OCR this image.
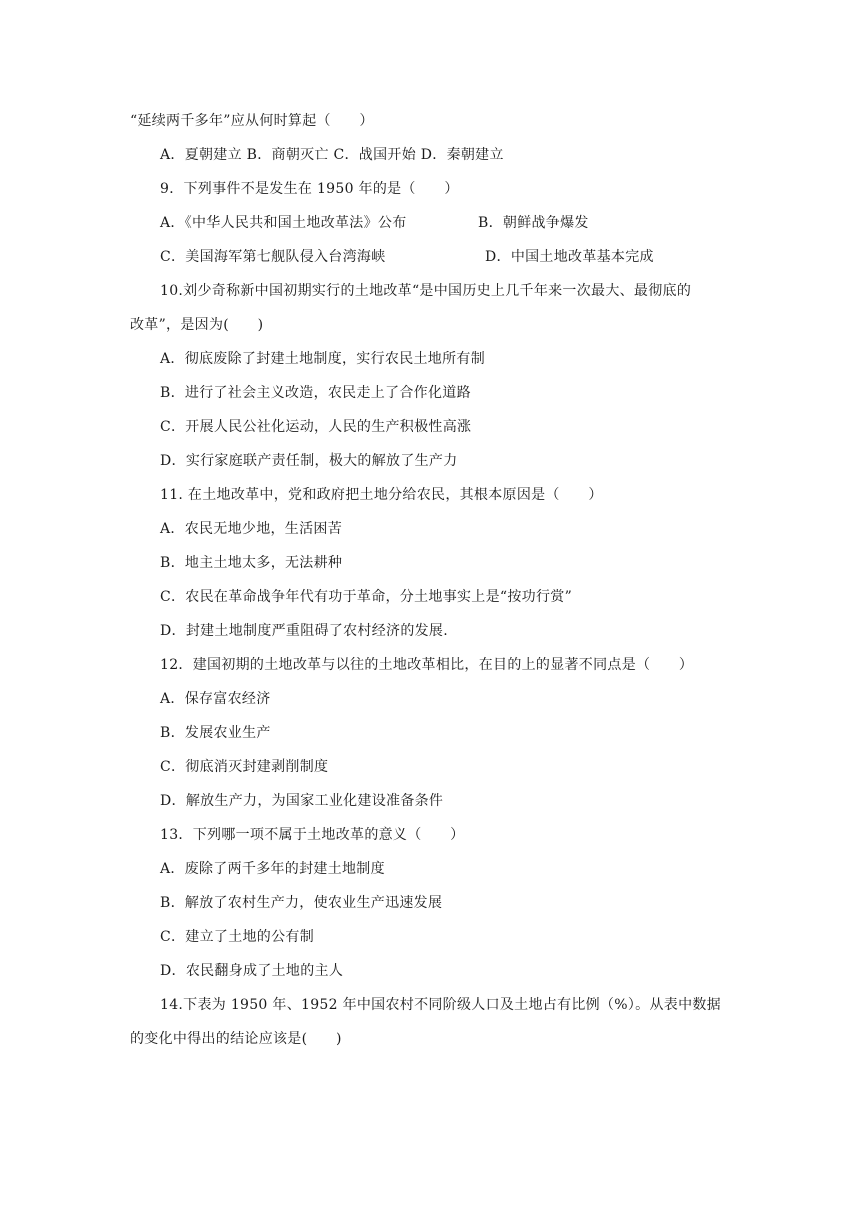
“延续两千多年”应从何时算起（　　）
A．夏朝建立 B．商朝灭亡 C．战国开始 D．秦朝建立
9．下列事件不是发生在 1950 年的是（　　）
A．《中华人民共和国土地改革法》公布	B．朝鲜战争爆发
C．美国海军第七舰队侵入台湾海峡	D．中国土地改革基本完成
10.刘少奇称新中国初期实行的土地改革“是中国历史上几千年来一次最大、最彻底的
改革”，是因为(　　)
A．彻底废除了封建土地制度，实行农民土地所有制
B．进行了社会主义改造，农民走上了合作化道路
C．开展人民公社化运动，人民的生产积极性高涨
D．实行家庭联产责任制，极大的解放了生产力
11. 在土地改革中，党和政府把土地分给农民，其根本原因是（　　）
A．农民无地少地，生活困苦
B．地主土地太多，无法耕种
C．农民在革命战争年代有功于革命，分土地事实上是“按功行赏”
D．封建土地制度严重阻碍了农村经济的发展.
12．建国初期的土地改革与以往的土地改革相比，在目的上的显著不同点是（　　）
A．保存富农经济
B．发展农业生产
C．彻底消灭封建剥削制度
D．解放生产力，为国家工业化建设准备条件
13．下列哪一项不属于土地改革的意义（　　）
A．废除了两千多年的封建土地制度
B．解放了农村生产力，使农业生产迅速发展
C．建立了土地的公有制
D．农民翻身成了土地的主人
14.下表为 1950 年、1952 年中国农村不同阶级人口及土地占有比例（%）。从表中数据
的变化中得出的结论应该是(　　)
